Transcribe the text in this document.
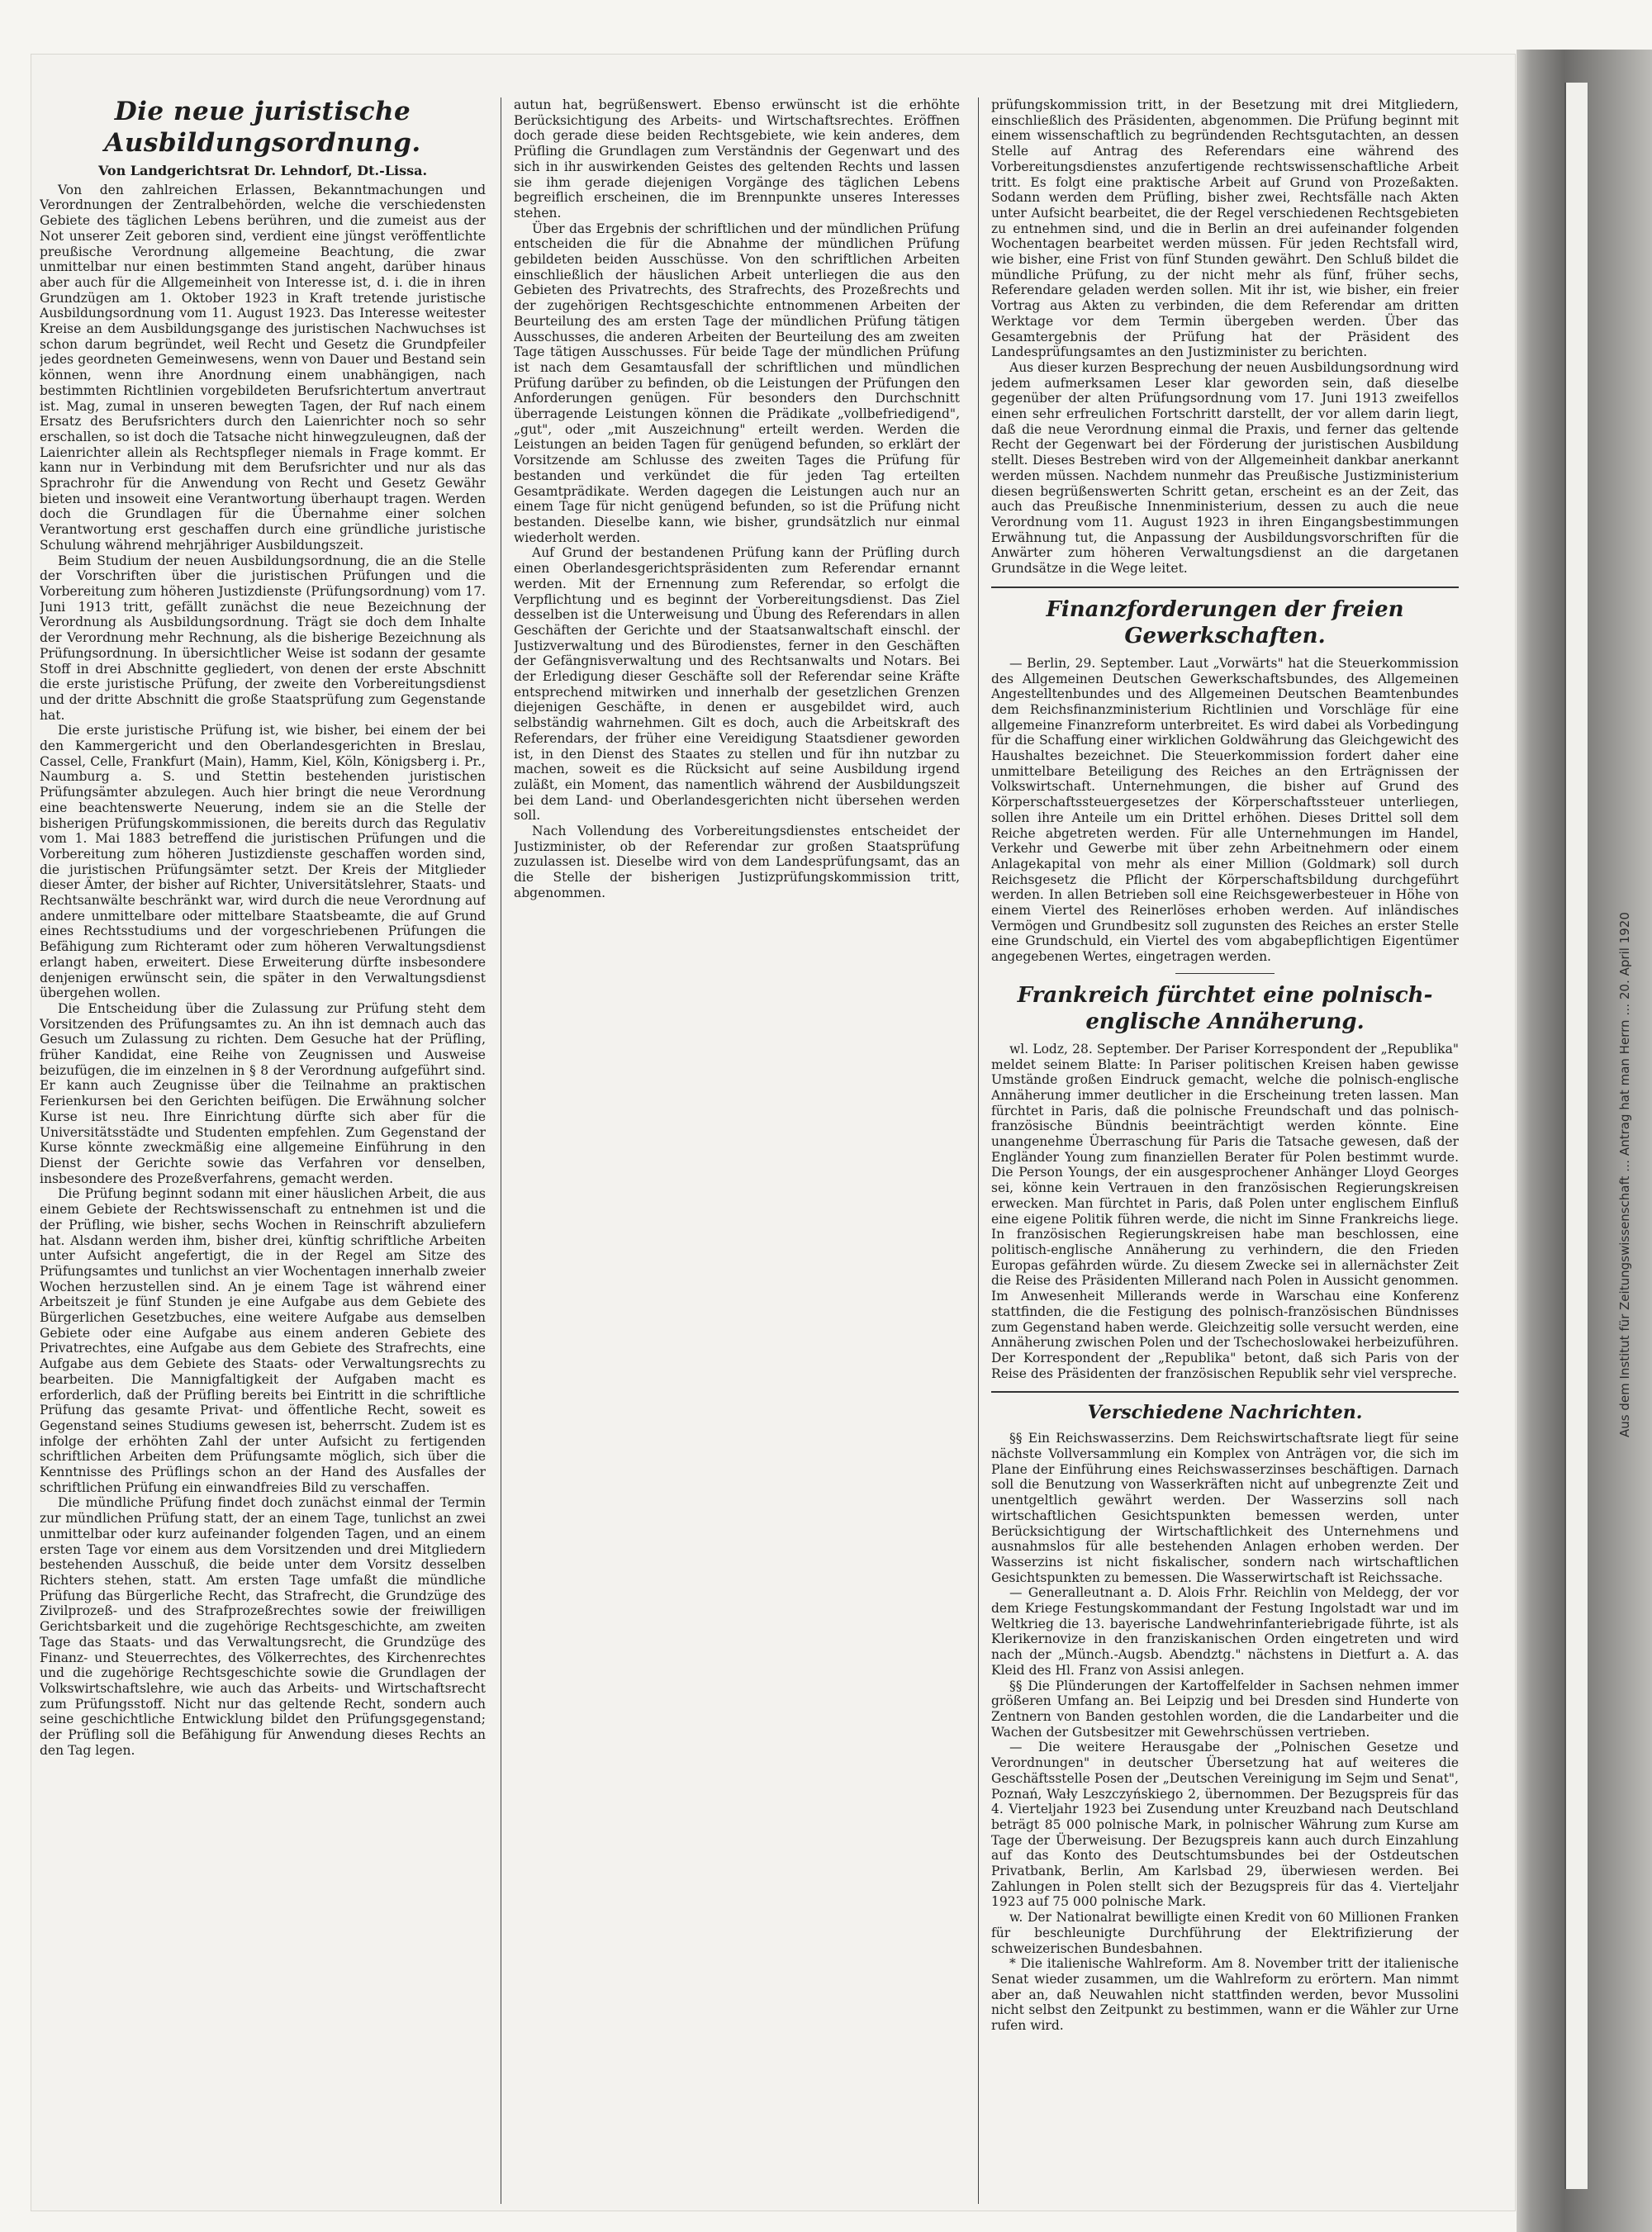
Aus dem Institut für Zeitungswissenschaft … Antrag hat man Herrn … 20. April 1920
Die neue juristische Ausbildungsordnung.
Von Landgerichtsrat Dr. Lehndorf, Dt.-Lissa.

Von den zahlreichen Erlassen, Bekanntmachungen und Verordnungen der Zentralbehörden, welche die verschiedensten Gebiete des täglichen Lebens berühren, und die zumeist aus der Not unserer Zeit geboren sind, verdient eine jüngst veröffentlichte preußische Verordnung allgemeine Beachtung, die zwar unmittelbar nur einen bestimmten Stand angeht, darüber hinaus aber auch für die Allgemeinheit von Interesse ist, d. i. die in ihren Grundzügen am 1. Oktober 1923 in Kraft tretende juristische Ausbildungsordnung vom 11. August 1923. Das Interesse weitester Kreise an dem Ausbildungsgange des juristischen Nachwuchses ist schon darum begründet, weil Recht und Gesetz die Grundpfeiler jedes geordneten Gemeinwesens, wenn von Dauer und Bestand sein können, wenn ihre Anordnung einem unabhängigen, nach bestimmten Richtlinien vorgebildeten Berufsrichtertum anvertraut ist. Mag, zumal in unseren bewegten Tagen, der Ruf nach einem Ersatz des Berufsrichters durch den Laienrichter noch so sehr erschallen, so ist doch die Tatsache nicht hinwegzuleugnen, daß der Laienrichter allein als Rechtspfleger niemals in Frage kommt. Er kann nur in Verbindung mit dem Berufsrichter und nur als das Sprachrohr für die Anwendung von Recht und Gesetz Gewähr bieten und insoweit eine Verantwortung überhaupt tragen. Werden doch die Grundlagen für die Übernahme einer solchen Verantwortung erst geschaffen durch eine gründliche juristische Schulung während mehrjähriger Ausbildungszeit.

Beim Studium der neuen Ausbildungsordnung, die an die Stelle der Vorschriften über die juristischen Prüfungen und die Vorbereitung zum höheren Justizdienste (Prüfungsordnung) vom 17. Juni 1913 tritt, gefällt zunächst die neue Bezeichnung der Verordnung als Ausbildungsordnung. Trägt sie doch dem Inhalte der Verordnung mehr Rechnung, als die bisherige Bezeichnung als Prüfungsordnung. In übersichtlicher Weise ist sodann der gesamte Stoff in drei Abschnitte gegliedert, von denen der erste Abschnitt die erste juristische Prüfung, der zweite den Vorbereitungsdienst und der dritte Abschnitt die große Staatsprüfung zum Gegenstande hat.

Die erste juristische Prüfung ist, wie bisher, bei einem der bei den Kammergericht und den Oberlandesgerichten in Breslau, Cassel, Celle, Frankfurt (Main), Hamm, Kiel, Köln, Königsberg i. Pr., Naumburg a. S. und Stettin bestehenden juristischen Prüfungsämter abzulegen. Auch hier bringt die neue Verordnung eine beachtenswerte Neuerung, indem sie an die Stelle der bisherigen Prüfungskommissionen, die bereits durch das Regulativ vom 1. Mai 1883 betreffend die juristischen Prüfungen und die Vorbereitung zum höheren Justizdienste geschaffen worden sind, die juristischen Prüfungsämter setzt. Der Kreis der Mitglieder dieser Ämter, der bisher auf Richter, Universitätslehrer, Staats- und Rechtsanwälte beschränkt war, wird durch die neue Verordnung auf andere unmittelbare oder mittelbare Staatsbeamte, die auf Grund eines Rechtsstudiums und der vorgeschriebenen Prüfungen die Befähigung zum Richteramt oder zum höheren Verwaltungsdienst erlangt haben, erweitert. Diese Erweiterung dürfte insbesondere denjenigen erwünscht sein, die später in den Verwaltungsdienst übergehen wollen.

Die Entscheidung über die Zulassung zur Prüfung steht dem Vorsitzenden des Prüfungsamtes zu. An ihn ist demnach auch das Gesuch um Zulassung zu richten. Dem Gesuche hat der Prüfling, früher Kandidat, eine Reihe von Zeugnissen und Ausweise beizufügen, die im einzelnen in § 8 der Verordnung aufgeführt sind. Er kann auch Zeugnisse über die Teilnahme an praktischen Ferienkursen bei den Gerichten beifügen. Die Erwähnung solcher Kurse ist neu. Ihre Einrichtung dürfte sich aber für die Universitätsstädte und Studenten empfehlen. Zum Gegenstand der Kurse könnte zweckmäßig eine allgemeine Einführung in den Dienst der Gerichte sowie das Verfahren vor denselben, insbesondere des Prozeßverfahrens, gemacht werden.

Die Prüfung beginnt sodann mit einer häuslichen Arbeit, die aus einem Gebiete der Rechtswissenschaft zu entnehmen ist und die der Prüfling, wie bisher, sechs Wochen in Reinschrift abzuliefern hat. Alsdann werden ihm, bisher drei, künftig schriftliche Arbeiten unter Aufsicht angefertigt, die in der Regel am Sitze des Prüfungsamtes und tunlichst an vier Wochentagen innerhalb zweier Wochen herzustellen sind. An je einem Tage ist während einer Arbeitszeit je fünf Stunden je eine Aufgabe aus dem Gebiete des Bürgerlichen Gesetzbuches, eine weitere Aufgabe aus demselben Gebiete oder eine Aufgabe aus einem anderen Gebiete des Privatrechtes, eine Aufgabe aus dem Gebiete des Strafrechts, eine Aufgabe aus dem Gebiete des Staats- oder Verwaltungsrechts zu bearbeiten. Die Mannigfaltigkeit der Aufgaben macht es erforderlich, daß der Prüfling bereits bei Eintritt in die schriftliche Prüfung das gesamte Privat- und öffentliche Recht, soweit es Gegenstand seines Studiums gewesen ist, beherrscht. Zudem ist es infolge der erhöhten Zahl der unter Aufsicht zu fertigenden schriftlichen Arbeiten dem Prüfungsamte möglich, sich über die Kenntnisse des Prüflings schon an der Hand des Ausfalles der schriftlichen Prüfung ein einwandfreies Bild zu verschaffen.

Die mündliche Prüfung findet doch zunächst einmal der Termin zur mündlichen Prüfung statt, der an einem Tage, tunlichst an zwei unmittelbar oder kurz aufeinander folgenden Tagen, und an einem ersten Tage vor einem aus dem Vorsitzenden und drei Mitgliedern bestehenden Ausschuß, die beide unter dem Vorsitz desselben Richters stehen, statt. Am ersten Tage umfaßt die mündliche Prüfung das Bürgerliche Recht, das Strafrecht, die Grundzüge des Zivilprozeß- und des Strafprozeßrechtes sowie der freiwilligen Gerichtsbarkeit und die zugehörige Rechtsgeschichte, am zweiten Tage das Staats- und das Verwaltungsrecht, die Grundzüge des Finanz- und Steuerrechtes, des Völkerrechtes, des Kirchenrechtes und die zugehörige Rechtsgeschichte sowie die Grundlagen der Volkswirtschaftslehre, wie auch das Arbeits- und Wirtschaftsrecht zum Prüfungsstoff. Nicht nur das geltende Recht, sondern auch seine geschichtliche Entwicklung bildet den Prüfungsgegenstand; der Prüfling soll die Befähigung für Anwendung dieses Rechts an den Tag legen.

autun hat, begrüßenswert. Ebenso erwünscht ist die erhöhte Berücksichtigung des Arbeits- und Wirtschaftsrechtes. Eröffnen doch gerade diese beiden Rechtsgebiete, wie kein anderes, dem Prüfling die Grundlagen zum Verständnis der Gegenwart und des sich in ihr auswirkenden Geistes des geltenden Rechts und lassen sie ihm gerade diejenigen Vorgänge des täglichen Lebens begreiflich erscheinen, die im Brennpunkte unseres Interesses stehen.

Über das Ergebnis der schriftlichen und der mündlichen Prüfung entscheiden die für die Abnahme der mündlichen Prüfung gebildeten beiden Ausschüsse. Von den schriftlichen Arbeiten einschließlich der häuslichen Arbeit unterliegen die aus den Gebieten des Privatrechts, des Strafrechts, des Prozeßrechts und der zugehörigen Rechtsgeschichte entnommenen Arbeiten der Beurteilung des am ersten Tage der mündlichen Prüfung tätigen Ausschusses, die anderen Arbeiten der Beurteilung des am zweiten Tage tätigen Ausschusses. Für beide Tage der mündlichen Prüfung ist nach dem Gesamtausfall der schriftlichen und mündlichen Prüfung darüber zu befinden, ob die Leistungen der Prüfungen den Anforderungen genügen. Für besonders den Durchschnitt überragende Leistungen können die Prädikate „vollbefriedigend", „gut", oder „mit Auszeichnung" erteilt werden. Werden die Leistungen an beiden Tagen für genügend befunden, so erklärt der Vorsitzende am Schlusse des zweiten Tages die Prüfung für bestanden und verkündet die für jeden Tag erteilten Gesamtprädikate. Werden dagegen die Leistungen auch nur an einem Tage für nicht genügend befunden, so ist die Prüfung nicht bestanden. Dieselbe kann, wie bisher, grundsätzlich nur einmal wiederholt werden.

Auf Grund der bestandenen Prüfung kann der Prüfling durch einen Oberlandesgerichtspräsidenten zum Referendar ernannt werden. Mit der Ernennung zum Referendar, so erfolgt die Verpflichtung und es beginnt der Vorbereitungsdienst. Das Ziel desselben ist die Unterweisung und Übung des Referendars in allen Geschäften der Gerichte und der Staatsanwaltschaft einschl. der Justizverwaltung und des Bürodienstes, ferner in den Geschäften der Gefängnisverwaltung und des Rechtsanwalts und Notars. Bei der Erledigung dieser Geschäfte soll der Referendar seine Kräfte entsprechend mitwirken und innerhalb der gesetzlichen Grenzen diejenigen Geschäfte, in denen er ausgebildet wird, auch selbständig wahrnehmen. Gilt es doch, auch die Arbeitskraft des Referendars, der früher eine Vereidigung Staatsdiener geworden ist, in den Dienst des Staates zu stellen und für ihn nutzbar zu machen, soweit es die Rücksicht auf seine Ausbildung irgend zuläßt, ein Moment, das namentlich während der Ausbildungszeit bei dem Land- und Oberlandesgerichten nicht übersehen werden soll.

Nach Vollendung des Vorbereitungsdienstes entscheidet der Justizminister, ob der Referendar zur großen Staatsprüfung zuzulassen ist. Dieselbe wird von dem Landesprüfungsamt, das an die Stelle der bisherigen Justizprüfungskommission tritt, abgenommen.

prüfungskommission tritt, in der Besetzung mit drei Mitgliedern, einschließlich des Präsidenten, abgenommen. Die Prüfung beginnt mit einem wissenschaftlich zu begründenden Rechtsgutachten, an dessen Stelle auf Antrag des Referendars eine während des Vorbereitungsdienstes anzufertigende rechtswissenschaftliche Arbeit tritt. Es folgt eine praktische Arbeit auf Grund von Prozeßakten. Sodann werden dem Prüfling, bisher zwei, Rechtsfälle nach Akten unter Aufsicht bearbeitet, die der Regel verschiedenen Rechtsgebieten zu entnehmen sind, und die in Berlin an drei aufeinander folgenden Wochentagen bearbeitet werden müssen. Für jeden Rechtsfall wird, wie bisher, eine Frist von fünf Stunden gewährt. Den Schluß bildet die mündliche Prüfung, zu der nicht mehr als fünf, früher sechs, Referendare geladen werden sollen. Mit ihr ist, wie bisher, ein freier Vortrag aus Akten zu verbinden, die dem Referendar am dritten Werktage vor dem Termin übergeben werden. Über das Gesamtergebnis der Prüfung hat der Präsident des Landesprüfungsamtes an den Justizminister zu berichten.

Aus dieser kurzen Besprechung der neuen Ausbildungsordnung wird jedem aufmerksamen Leser klar geworden sein, daß dieselbe gegenüber der alten Prüfungsordnung vom 17. Juni 1913 zweifellos einen sehr erfreulichen Fortschritt darstellt, der vor allem darin liegt, daß die neue Verordnung einmal die Praxis, und ferner das geltende Recht der Gegenwart bei der Förderung der juristischen Ausbildung stellt. Dieses Bestreben wird von der Allgemeinheit dankbar anerkannt werden müssen. Nachdem nunmehr das Preußische Justizministerium diesen begrüßenswerten Schritt getan, erscheint es an der Zeit, das auch das Preußische Innenministerium, dessen zu auch die neue Verordnung vom 11. August 1923 in ihren Eingangsbestimmungen Erwähnung tut, die Anpassung der Ausbildungsvorschriften für die Anwärter zum höheren Verwaltungsdienst an die dargetanen Grundsätze in die Wege leitet.

Finanzforderungen der freien Gewerkschaften.

— Berlin, 29. September. Laut „Vorwärts" hat die Steuerkommission des Allgemeinen Deutschen Gewerkschaftsbundes, des Allgemeinen Angestelltenbundes und des Allgemeinen Deutschen Beamtenbundes dem Reichsfinanzministerium Richtlinien und Vorschläge für eine allgemeine Finanzreform unterbreitet. Es wird dabei als Vorbedingung für die Schaffung einer wirklichen Goldwährung das Gleichgewicht des Haushaltes bezeichnet. Die Steuerkommission fordert daher eine unmittelbare Beteiligung des Reiches an den Erträgnissen der Volkswirtschaft. Unternehmungen, die bisher auf Grund des Körperschaftssteuergesetzes der Körperschaftssteuer unterliegen, sollen ihre Anteile um ein Drittel erhöhen. Dieses Drittel soll dem Reiche abgetreten werden. Für alle Unternehmungen im Handel, Verkehr und Gewerbe mit über zehn Arbeitnehmern oder einem Anlagekapital von mehr als einer Million (Goldmark) soll durch Reichsgesetz die Pflicht der Körperschaftsbildung durchgeführt werden. In allen Betrieben soll eine Reichsgewerbesteuer in Höhe von einem Viertel des Reinerlöses erhoben werden. Auf inländisches Vermögen und Grundbesitz soll zugunsten des Reiches an erster Stelle eine Grundschuld, ein Viertel des vom abgabepflichtigen Eigentümer angegebenen Wertes, eingetragen werden.

Frankreich fürchtet eine polnisch-englische Annäherung.

wl. Lodz, 28. September. Der Pariser Korrespondent der „Republika" meldet seinem Blatte: In Pariser politischen Kreisen haben gewisse Umstände großen Eindruck gemacht, welche die polnisch-englische Annäherung immer deutlicher in die Erscheinung treten lassen. Man fürchtet in Paris, daß die polnische Freundschaft und das polnisch-französische Bündnis beeinträchtigt werden könnte. Eine unangenehme Überraschung für Paris die Tatsache gewesen, daß der Engländer Young zum finanziellen Berater für Polen bestimmt wurde. Die Person Youngs, der ein ausgesprochener Anhänger Lloyd Georges sei, könne kein Vertrauen in den französischen Regierungskreisen erwecken. Man fürchtet in Paris, daß Polen unter englischem Einfluß eine eigene Politik führen werde, die nicht im Sinne Frankreichs liege. In französischen Regierungskreisen habe man beschlossen, eine politisch-englische Annäherung zu verhindern, die den Frieden Europas gefährden würde. Zu diesem Zwecke sei in allernächster Zeit die Reise des Präsidenten Millerand nach Polen in Aussicht genommen. Im Anwesenheit Millerands werde in Warschau eine Konferenz stattfinden, die die Festigung des polnisch-französischen Bündnisses zum Gegenstand haben werde. Gleichzeitig solle versucht werden, eine Annäherung zwischen Polen und der Tschechoslowakei herbeizuführen. Der Korrespondent der „Republika" betont, daß sich Paris von der Reise des Präsidenten der französischen Republik sehr viel verspreche.

Verschiedene Nachrichten.

§§ Ein Reichswasserzins. Dem Reichswirtschaftsrate liegt für seine nächste Vollversammlung ein Komplex von Anträgen vor, die sich im Plane der Einführung eines Reichswasserzinses beschäftigen. Darnach soll die Benutzung von Wasserkräften nicht auf unbegrenzte Zeit und unentgeltlich gewährt werden. Der Wasserzins soll nach wirtschaftlichen Gesichtspunkten bemessen werden, unter Berücksichtigung der Wirtschaftlichkeit des Unternehmens und ausnahmslos für alle bestehenden Anlagen erhoben werden. Der Wasserzins ist nicht fiskalischer, sondern nach wirtschaftlichen Gesichtspunkten zu bemessen. Die Wasserwirtschaft ist Reichssache.

— Generalleutnant a. D. Alois Frhr. Reichlin von Meldegg, der vor dem Kriege Festungskommandant der Festung Ingolstadt war und im Weltkrieg die 13. bayerische Landwehrinfanteriebrigade führte, ist als Klerikernovize in den franziskanischen Orden eingetreten und wird nach der „Münch.-Augsb. Abendztg." nächstens in Dietfurt a. A. das Kleid des Hl. Franz von Assisi anlegen.

§§ Die Plünderungen der Kartoffelfelder in Sachsen nehmen immer größeren Umfang an. Bei Leipzig und bei Dresden sind Hunderte von Zentnern von Banden gestohlen worden, die die Landarbeiter und die Wachen der Gutsbesitzer mit Gewehrschüssen vertrieben.

— Die weitere Herausgabe der „Polnischen Gesetze und Verordnungen" in deutscher Übersetzung hat auf weiteres die Geschäftsstelle Posen der „Deutschen Vereinigung im Sejm und Senat", Poznań, Wały Leszczyńskiego 2, übernommen. Der Bezugspreis für das 4. Vierteljahr 1923 bei Zusendung unter Kreuzband nach Deutschland beträgt 85 000 polnische Mark, in polnischer Währung zum Kurse am Tage der Überweisung. Der Bezugspreis kann auch durch Einzahlung auf das Konto des Deutschtumsbundes bei der Ostdeutschen Privatbank, Berlin, Am Karlsbad 29, überwiesen werden. Bei Zahlungen in Polen stellt sich der Bezugspreis für das 4. Vierteljahr 1923 auf 75 000 polnische Mark.

w. Der Nationalrat bewilligte einen Kredit von 60 Millionen Franken für beschleunigte Durchführung der Elektrifizierung der schweizerischen Bundesbahnen.

* Die italienische Wahlreform. Am 8. November tritt der italienische Senat wieder zusammen, um die Wahlreform zu erörtern. Man nimmt aber an, daß Neuwahlen nicht stattfinden werden, bevor Mussolini nicht selbst den Zeitpunkt zu bestimmen, wann er die Wähler zur Urne rufen wird.
